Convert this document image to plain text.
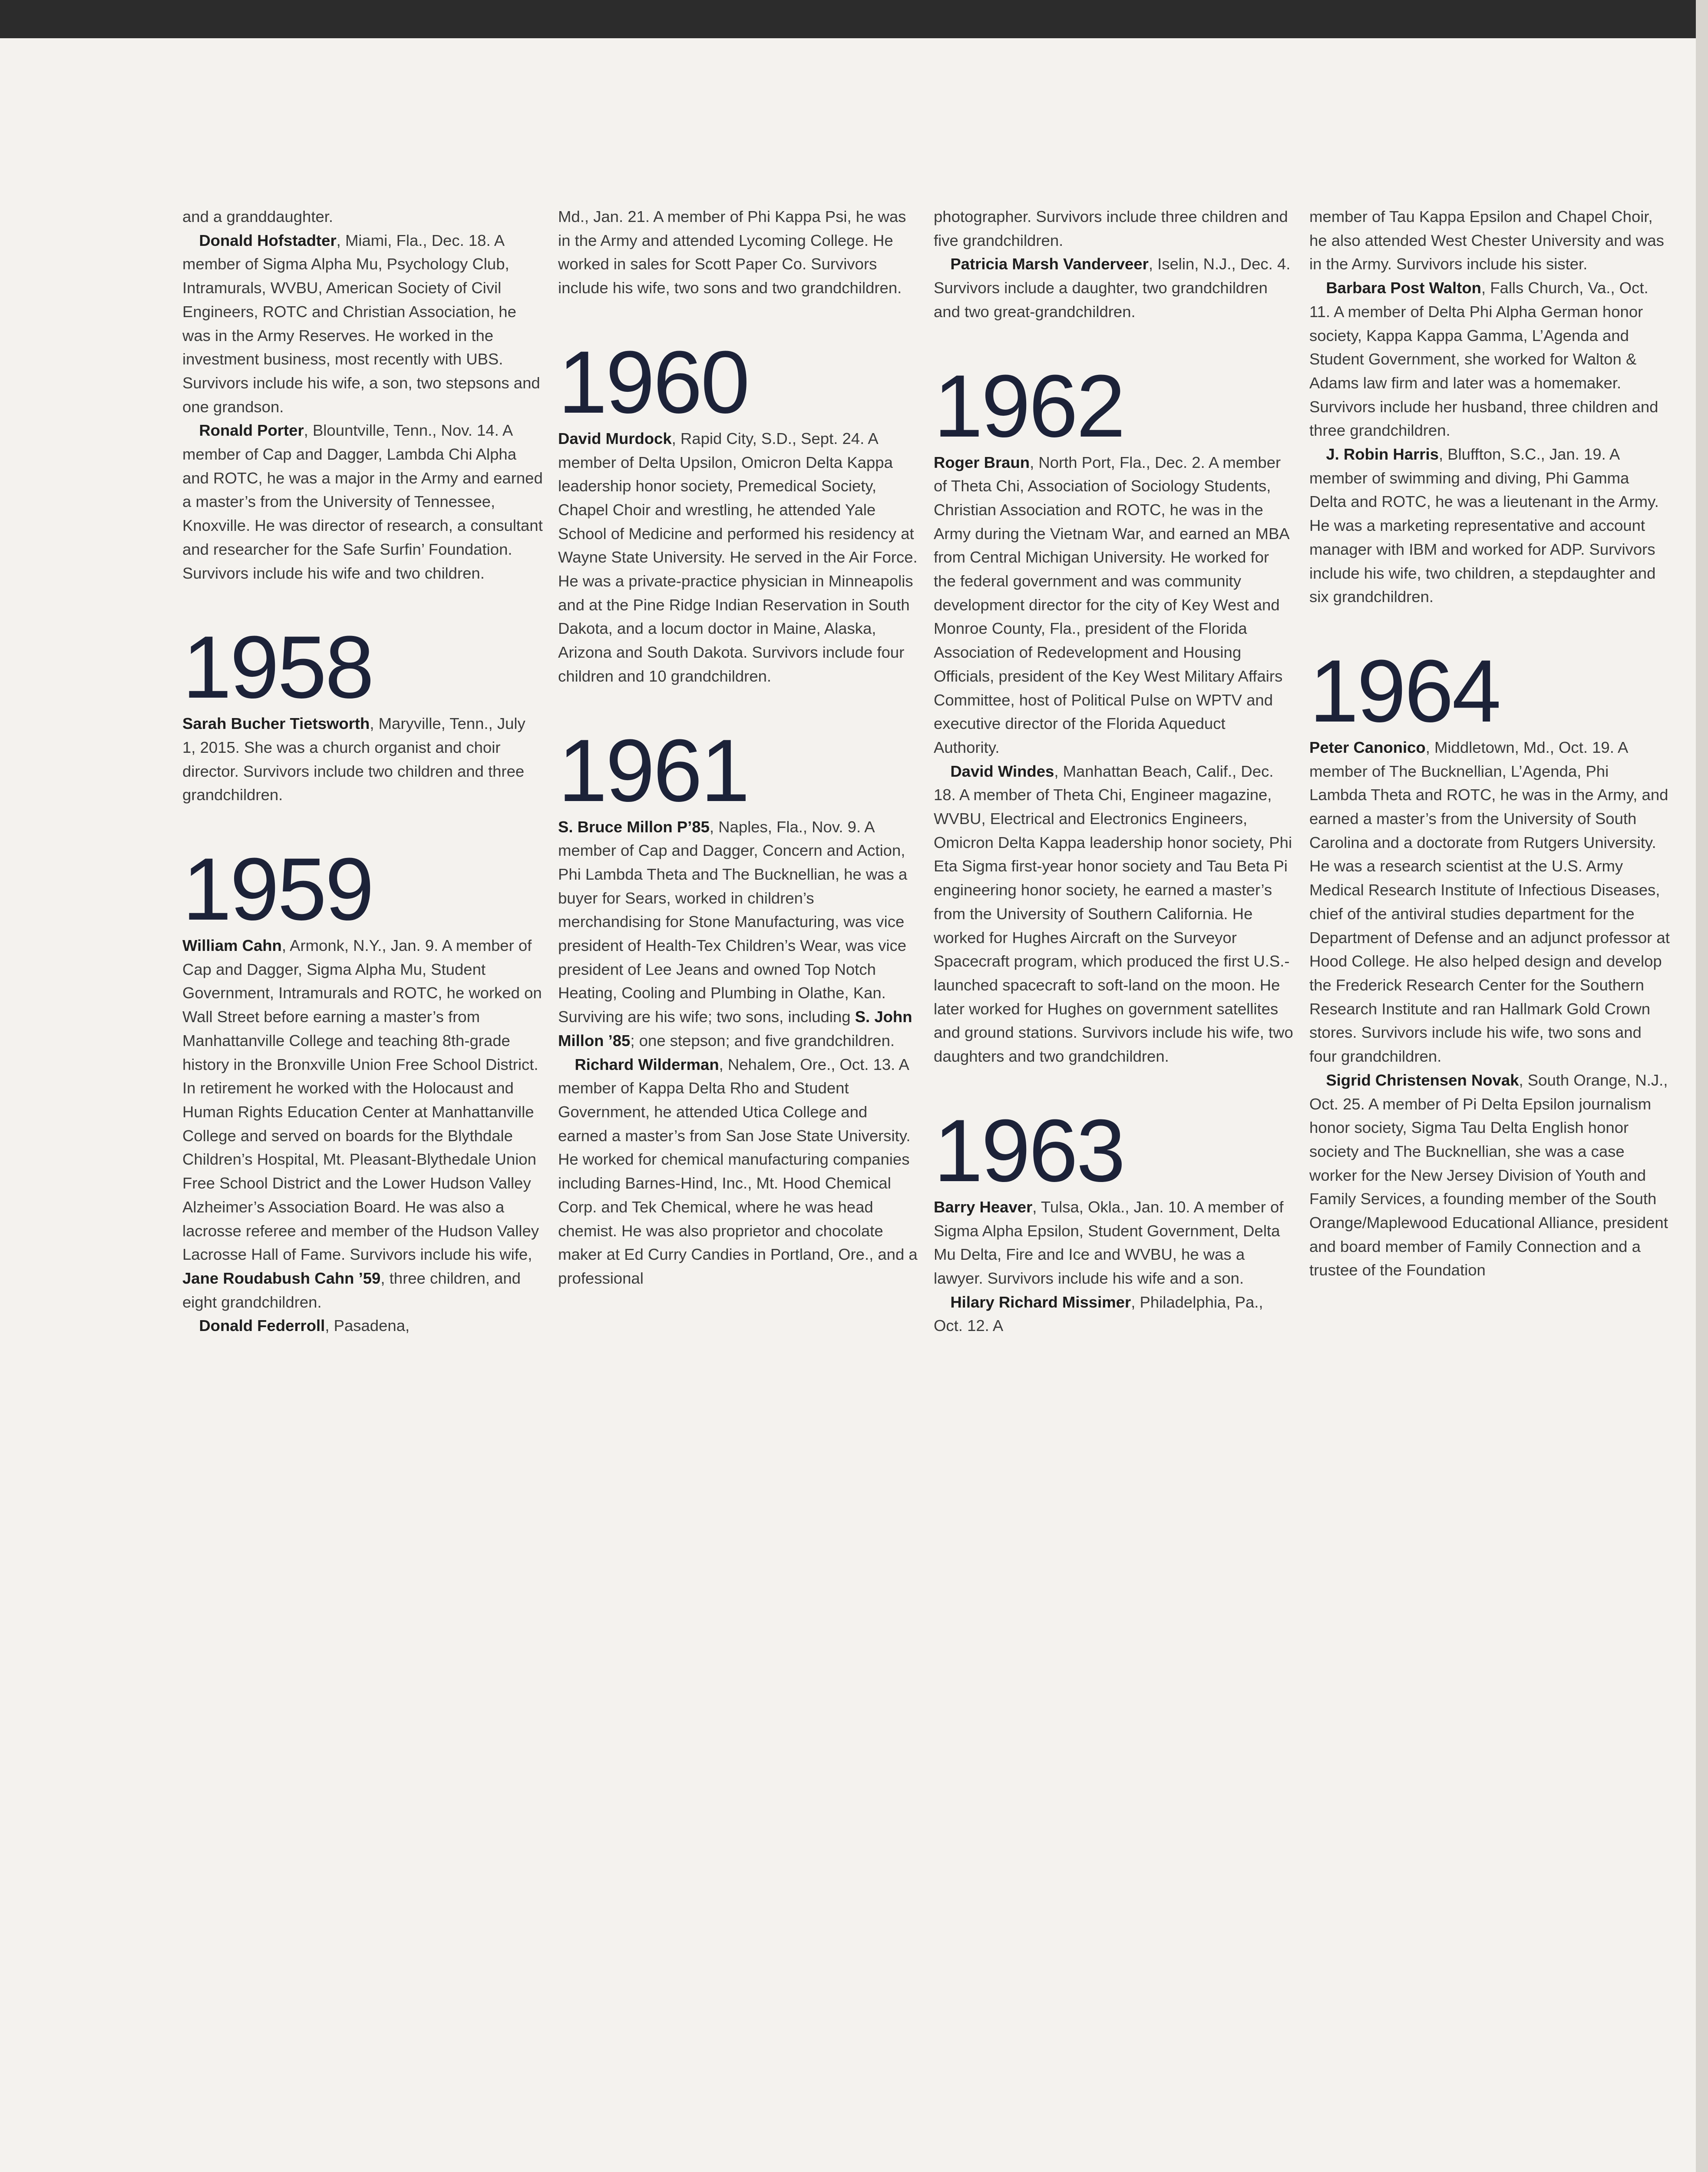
and a granddaughter.

Donald Hofstadter, Miami, Fla., Dec. 18. A member of Sigma Alpha Mu, Psychology Club, Intramurals, WVBU, American Society of Civil Engineers, ROTC and Christian Association, he was in the Army Reserves. He worked in the investment business, most recently with UBS. Survivors include his wife, a son, two stepsons and one grandson.

Ronald Porter, Blountville, Tenn., Nov. 14. A member of Cap and Dagger, Lambda Chi Alpha and ROTC, he was a major in the Army and earned a master’s from the University of Tennessee, Knoxville. He was director of research, a consultant and researcher for the Safe Surfin’ Foundation. Survivors include his wife and two children.

1958

Sarah Bucher Tietsworth, Maryville, Tenn., July 1, 2015. She was a church organist and choir director. Survivors include two children and three grandchildren.

1959

William Cahn, Armonk, N.Y., Jan. 9. A member of Cap and Dagger, Sigma Alpha Mu, Student Government, Intramurals and ROTC, he worked on Wall Street before earning a master’s from Manhattanville College and teaching 8th-grade history in the Bronxville Union Free School District. In retirement he worked with the Holocaust and Human Rights Education Center at Manhattanville College and served on boards for the Blythdale Children’s Hospital, Mt. Pleasant-Blythedale Union Free School District and the Lower Hudson Valley Alzheimer’s Association Board. He was also a lacrosse referee and member of the Hudson Valley Lacrosse Hall of Fame. Survivors include his wife, Jane Roudabush Cahn ’59, three children, and eight grandchildren.

Donald Federroll, Pasadena,

Md., Jan. 21. A member of Phi Kappa Psi, he was in the Army and attended Lycoming College. He worked in sales for Scott Paper Co. Survivors include his wife, two sons and two grandchildren.

1960

David Murdock, Rapid City, S.D., Sept. 24. A member of Delta Upsilon, Omicron Delta Kappa leadership honor society, Premedical Society, Chapel Choir and wrestling, he attended Yale School of Medicine and performed his residency at Wayne State University. He served in the Air Force. He was a private-practice physician in Minneapolis and at the Pine Ridge Indian Reservation in South Dakota, and a locum doctor in Maine, Alaska, Arizona and South Dakota. Survivors include four children and 10 grandchildren.

1961

S. Bruce Millon P’85, Naples, Fla., Nov. 9. A member of Cap and Dagger, Concern and Action, Phi Lambda Theta and The Bucknellian, he was a buyer for Sears, worked in children’s merchandising for Stone Manufacturing, was vice president of Health-Tex Children’s Wear, was vice president of Lee Jeans and owned Top Notch Heating, Cooling and Plumbing in Olathe, Kan. Surviving are his wife; two sons, including S. John Millon ’85; one stepson; and five grandchildren.

Richard Wilderman, Nehalem, Ore., Oct. 13. A member of Kappa Delta Rho and Student Government, he attended Utica College and earned a master’s from San Jose State University. He worked for chemical manufacturing companies including Barnes-Hind, Inc., Mt. Hood Chemical Corp. and Tek Chemical, where he was head chemist. He was also proprietor and chocolate maker at Ed Curry Candies in Portland, Ore., and a professional

photographer. Survivors include three children and five grandchildren.

Patricia Marsh Vanderveer, Iselin, N.J., Dec. 4. Survivors include a daughter, two grandchildren and two great-grandchildren.

1962

Roger Braun, North Port, Fla., Dec. 2. A member of Theta Chi, Association of Sociology Students, Christian Association and ROTC, he was in the Army during the Vietnam War, and earned an MBA from Central Michigan University. He worked for the federal government and was community development director for the city of Key West and Monroe County, Fla., president of the Florida Association of Redevelopment and Housing Officials, president of the Key West Military Affairs Committee, host of Political Pulse on WPTV and executive director of the Florida Aqueduct Authority.

David Windes, Manhattan Beach, Calif., Dec. 18. A member of Theta Chi, Engineer magazine, WVBU, Electrical and Electronics Engineers, Omicron Delta Kappa leadership honor society, Phi Eta Sigma first-year honor society and Tau Beta Pi engineering honor society, he earned a master’s from the University of Southern California. He worked for Hughes Aircraft on the Surveyor Spacecraft program, which produced the first U.S.-launched spacecraft to soft-land on the moon. He later worked for Hughes on government satellites and ground stations. Survivors include his wife, two daughters and two grandchildren.

1963

Barry Heaver, Tulsa, Okla., Jan. 10. A member of Sigma Alpha Epsilon, Student Government, Delta Mu Delta, Fire and Ice and WVBU, he was a lawyer. Survivors include his wife and a son.

Hilary Richard Missimer, Philadelphia, Pa., Oct. 12. A

member of Tau Kappa Epsilon and Chapel Choir, he also attended West Chester University and was in the Army. Survivors include his sister.

Barbara Post Walton, Falls Church, Va., Oct. 11. A member of Delta Phi Alpha German honor society, Kappa Kappa Gamma, L’Agenda and Student Government, she worked for Walton & Adams law firm and later was a homemaker. Survivors include her husband, three children and three grandchildren.

J. Robin Harris, Bluffton, S.C., Jan. 19. A member of swimming and diving, Phi Gamma Delta and ROTC, he was a lieutenant in the Army. He was a marketing representative and account manager with IBM and worked for ADP. Survivors include his wife, two children, a stepdaughter and six grandchildren.

1964

Peter Canonico, Middletown, Md., Oct. 19. A member of The Bucknellian, L’Agenda, Phi Lambda Theta and ROTC, he was in the Army, and earned a master’s from the University of South Carolina and a doctorate from Rutgers University. He was a research scientist at the U.S. Army Medical Research Institute of Infectious Diseases, chief of the antiviral studies department for the Department of Defense and an adjunct professor at Hood College. He also helped design and develop the Frederick Research Center for the Southern Research Institute and ran Hallmark Gold Crown stores. Survivors include his wife, two sons and four grandchildren.

Sigrid Christensen Novak, South Orange, N.J., Oct. 25. A member of Pi Delta Epsilon journalism honor society, Sigma Tau Delta English honor society and The Bucknellian, she was a case worker for the New Jersey Division of Youth and Family Services, a founding member of the South Orange/Maplewood Educational Alliance, president and board member of Family Connection and a trustee of the Foundation
